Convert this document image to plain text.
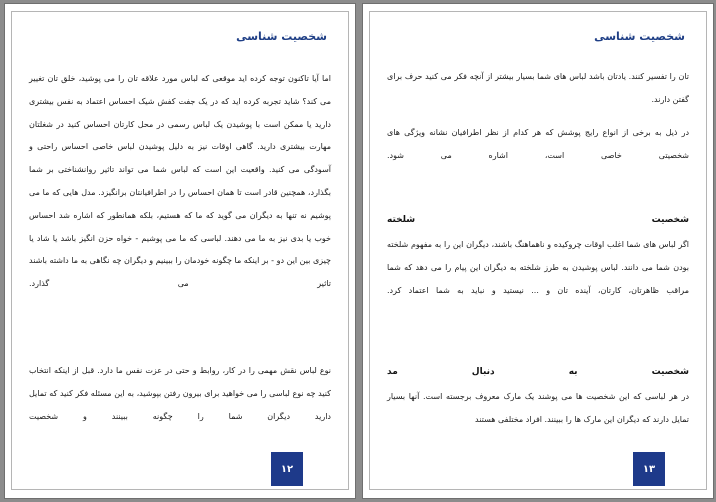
شخصیت شناسی

اما آیا تاکنون توجه کرده اید موقعی که لباس مورد علاقه تان را می پوشید، خلق تان تغییر می کند؟ شاید تجربه کرده اید که در یک جفت کفش شیک احساس اعتماد به نفس بیشتری دارید یا ممکن است با پوشیدن یک لباس رسمی در محل کارتان احساس کنید در شغلتان مهارت بیشتری دارید. گاهی اوقات نیز به دلیل پوشیدن لباس خاصی احساس راحتی و آسودگی می کنید. واقعیت این است که لباس شما می تواند تاثیر روانشناختی بر شما بگذارد، همچنین قادر است تا همان احساس را در اطرافیانتان برانگیزد. مدل هایی که ما می پوشیم نه تنها به دیگران می گوید که ما که هستیم، بلکه همانطور که اشاره شد احساس خوب یا بدی نیز به ما می دهند. لباسی که ما می پوشیم - خواه حزن انگیز باشد یا شاد یا چیزی بین این دو - بر اینکه ما چگونه خودمان را ببینیم و دیگران چه نگاهی به ما داشته باشند تاثیر می گذارد.

نوع لباس نقش مهمی را در کار، روابط و حتی در عزت نفس ما دارد. قبل از اینکه انتخاب کنید چه نوع لباسی را می خواهید برای بیرون رفتن بپوشید، به این مسئله فکر کنید که تمایل دارید دیگران شما را چگونه ببینند و شخصیت

۱۲
شخصیت شناسی

تان را تفسیر کنند. یادتان باشد لباس های شما بسیار بیشتر از آنچه فکر می کنید حرف برای گفتن دارند.

در ذیل به برخی از انواع رایج پوشش که هر کدام از نظر اطرافیان نشانه ویژگی های شخصیتی خاصی است، اشاره می شود.

شخصیت شلخته

اگر لباس های شما اغلب اوقات چروکیده و ناهماهنگ باشند، دیگران این را به مفهوم شلخته بودن شما می دانند. لباس پوشیدن به طرز شلخته به دیگران این پیام را می دهد که شما مراقب ظاهرتان، کارتان، آینده تان و ... نیستید و نباید به شما اعتماد کرد.

شخصیت به دنبال مد

در هر لباسی که این شخصیت ها می پوشند یک مارک معروف برجسته است. آنها بسیار تمایل دارند که دیگران این مارک ها را ببینند. افراد مختلفی هستند

۱۳
